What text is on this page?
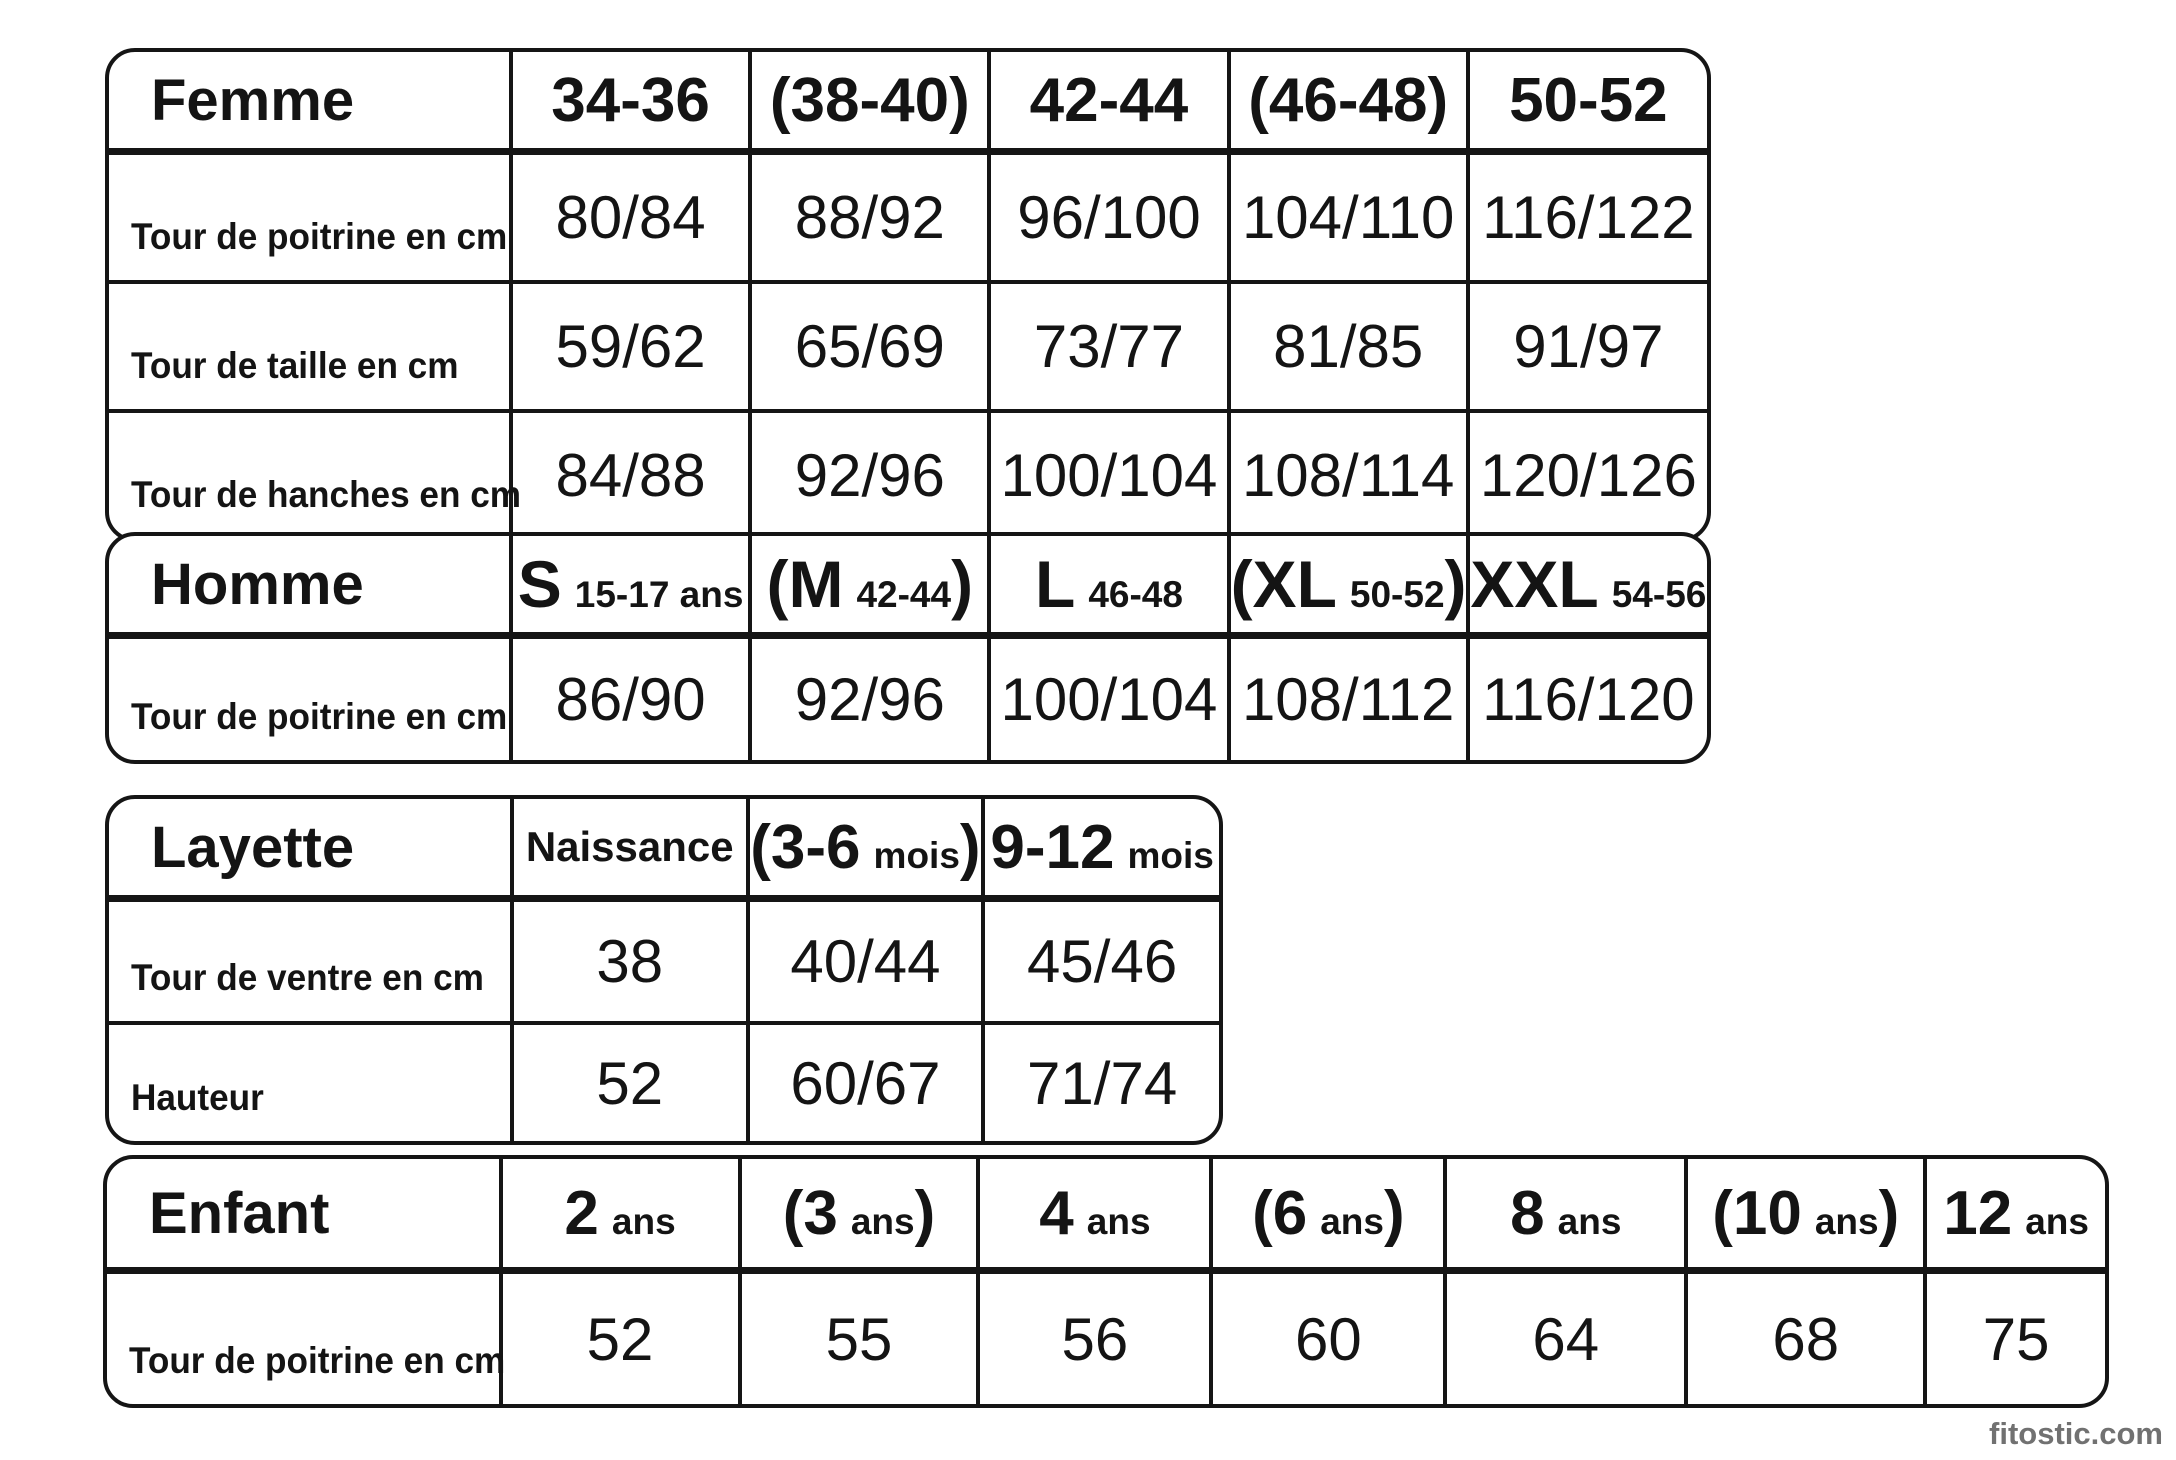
Femme	34-36	(38-40)	42-44	(46-48)	50-52
Tour de poitrine en cm	80/84	88/92	96/100	104/110	116/122
Tour de taille en cm	59/62	65/69	73/77	81/85	91/97
Tour de hanches en cm	84/88	92/96	100/104	108/114	120/126
Homme	S 15-17 ans	(M 42-44)	L 46-48	(XL 50-52)	XXL 54-56
Tour de poitrine en cm	86/90	92/96	100/104	108/112	116/120
Layette	Naissance	(3-6 mois)	9-12 mois
Tour de ventre en cm	38	40/44	45/46
Hauteur	52	60/67	71/74
Enfant	2 ans	(3 ans)	4 ans	(6 ans)	8 ans	(10 ans)	12 ans
Tour de poitrine en cm	52	55	56	60	64	68	75
fitostic.com
